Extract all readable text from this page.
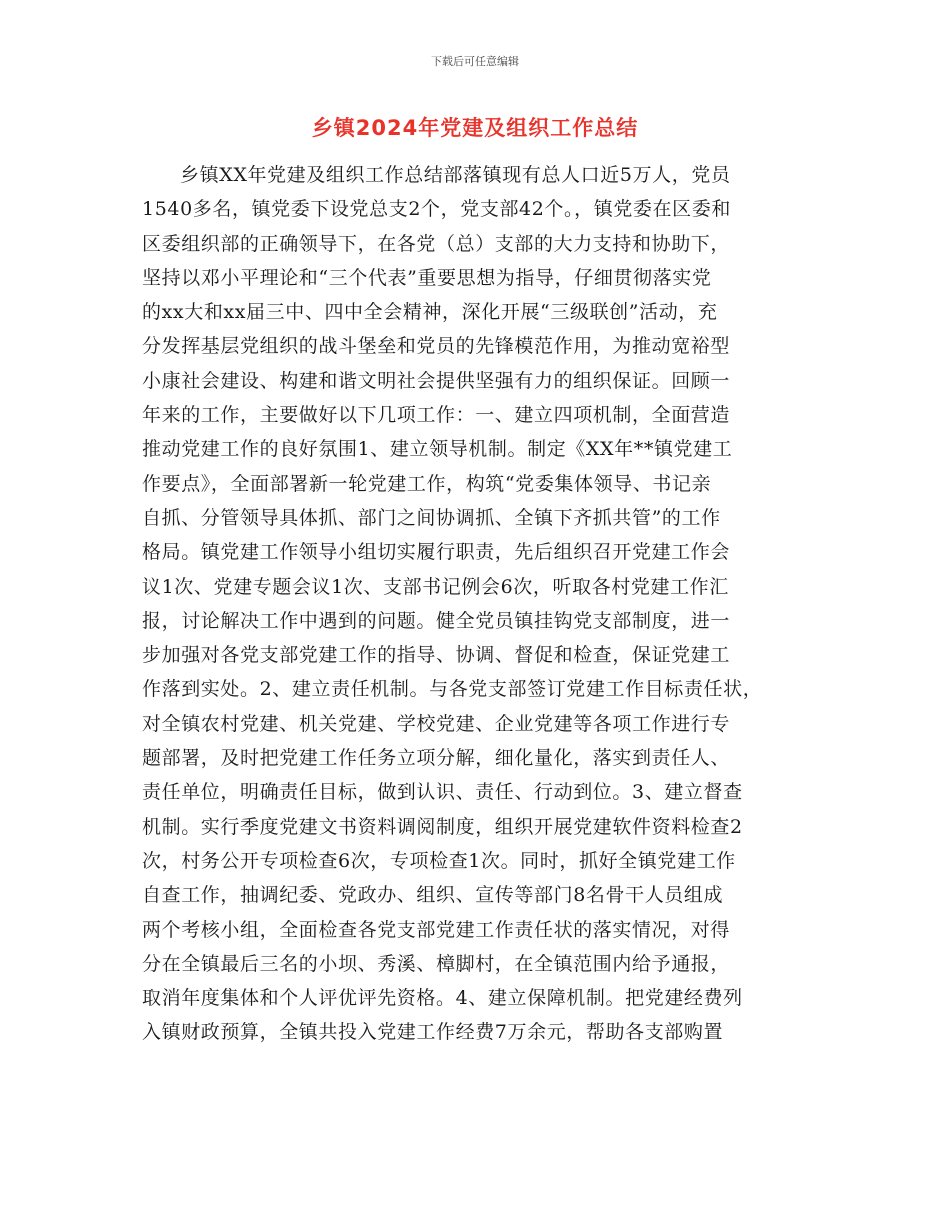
下载后可任意编辑
乡镇2024年党建及组织工作总结
乡镇XX年党建及组织工作总结部落镇现有总人口近5万人，党员
1540多名，镇党委下设党总支2个，党支部42个。，镇党委在区委和
区委组织部的正确领导下，在各党（总）支部的大力支持和协助下，
坚持以邓小平理论和“三个代表”重要思想为指导，仔细贯彻落实党
的xx大和xx届三中、四中全会精神，深化开展“三级联创”活动，充
分发挥基层党组织的战斗堡垒和党员的先锋模范作用，为推动宽裕型
小康社会建设、构建和谐文明社会提供坚强有力的组织保证。回顾一
年来的工作，主要做好以下几项工作：一、建立四项机制，全面营造
推动党建工作的良好氛围1、建立领导机制。制定《XX年**镇党建工
作要点》，全面部署新一轮党建工作，构筑“党委集体领导、书记亲
自抓、分管领导具体抓、部门之间协调抓、全镇下齐抓共管”的工作
格局。镇党建工作领导小组切实履行职责，先后组织召开党建工作会
议1次、党建专题会议1次、支部书记例会6次，听取各村党建工作汇
报，讨论解决工作中遇到的问题。健全党员镇挂钩党支部制度，进一
步加强对各党支部党建工作的指导、协调、督促和检查，保证党建工
作落到实处。2、建立责任机制。与各党支部签订党建工作目标责任状，
对全镇农村党建、机关党建、学校党建、企业党建等各项工作进行专
题部署，及时把党建工作任务立项分解，细化量化，落实到责任人、
责任单位，明确责任目标，做到认识、责任、行动到位。3、建立督查
机制。实行季度党建文书资料调阅制度，组织开展党建软件资料检查2
次，村务公开专项检查6次，专项检查1次。同时，抓好全镇党建工作
自查工作，抽调纪委、党政办、组织、宣传等部门8名骨干人员组成
两个考核小组，全面检查各党支部党建工作责任状的落实情况，对得
分在全镇最后三名的小坝、秀溪、樟脚村，在全镇范围内给予通报，
取消年度集体和个人评优评先资格。4、建立保障机制。把党建经费列
入镇财政预算，全镇共投入党建工作经费7万余元，帮助各支部购置
